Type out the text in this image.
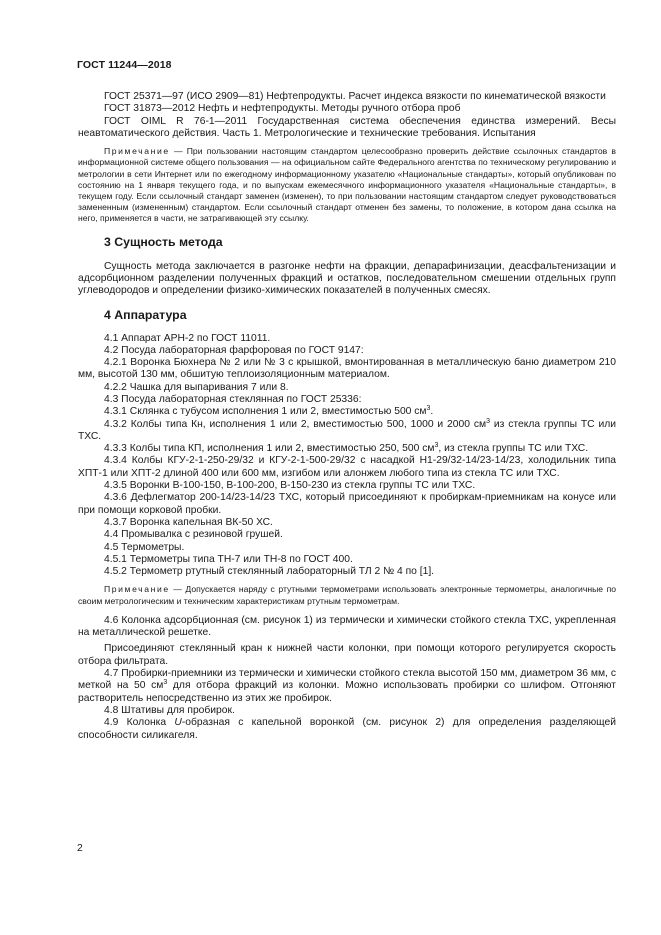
ГОСТ 11244—2018

ГОСТ 25371—97 (ИСО 2909—81) Нефтепродукты. Расчет индекса вязкости по кинематической вязкости

ГОСТ 31873—2012 Нефть и нефтепродукты. Методы ручного отбора проб

ГОСТ OIML R 76-1—2011 Государственная система обеспечения единства измерений. Весы неавтоматического действия. Часть 1. Метрологические и технические требования. Испытания

Примечание — При пользовании настоящим стандартом целесообразно проверить действие ссылочных стандартов в информационной системе общего пользования — на официальном сайте Федерального агентства по техническому регулированию и метрологии в сети Интернет или по ежегодному информационному указателю «Национальные стандарты», который опубликован по состоянию на 1 января текущего года, и по выпускам ежемесячного информационного указателя «Национальные стандарты», в текущем году. Если ссылочный стандарт заменен (изменен), то при пользовании настоящим стандартом следует руководствоваться замененным (измененным) стандартом. Если ссылочный стандарт отменен без замены, то положение, в котором дана ссылка на него, применяется в части, не затрагивающей эту ссылку.

3 Сущность метода

Сущность метода заключается в разгонке нефти на фракции, депарафинизации, деасфальтенизации и адсорбционном разделении полученных фракций и остатков, последовательном смешении отдельных групп углеводородов и определении физико-химических показателей в полученных смесях.

4 Аппаратура

4.1 Аппарат АРН-2 по ГОСТ 11011.

4.2 Посуда лабораторная фарфоровая по ГОСТ 9147:

4.2.1 Воронка Бюхнера № 2 или № 3 с крышкой, вмонтированная в металлическую баню диаметром 210 мм, высотой 130 мм, обшитую теплоизоляционным материалом.

4.2.2 Чашка для выпаривания 7 или 8.

4.3 Посуда лабораторная стеклянная по ГОСТ 25336:

4.3.1 Склянка с тубусом исполнения 1 или 2, вместимостью 500 $см^3$.

4.3.2 Колбы типа Кн, исполнения 1 или 2, вместимостью 500, 1000 и 2000 $см^3$ из стекла группы ТС или ТХС.

4.3.3 Колбы типа КП, исполнения 1 или 2, вместимостью 250, 500 $см^3$, из стекла группы ТС или ТХС.

4.3.4 Колбы КГУ-2-1-250-29/32 и КГУ-2-1-500-29/32 с насадкой Н1-29/32-14/23-14/23, холодильник типа ХПТ-1 или ХПТ-2 длиной 400 или 600 мм, изгибом или алонжем любого типа из стекла ТС или ТХС.

4.3.5 Воронки В-100-150, В-100-200, В-150-230 из стекла группы ТС или ТХС.

4.3.6 Дефлегматор 200-14/23-14/23 ТХС, который присоединяют к пробиркам-приемникам на конусе или при помощи корковой пробки.

4.3.7 Воронка капельная ВК-50 ХС.

4.4 Промывалка с резиновой грушей.

4.5 Термометры.

4.5.1 Термометры типа ТН-7 или ТН-8 по ГОСТ 400.

4.5.2 Термометр ртутный стеклянный лабораторный ТЛ 2 № 4 по [1].

Примечание — Допускается наряду с ртутными термометрами использовать электронные термометры, аналогичные по своим метрологическим и техническим характеристикам ртутным термометрам.

4.6 Колонка адсорбционная (см. рисунок 1) из термически и химически стойкого стекла ТХС, укрепленная на металлической решетке.

Присоединяют стеклянный кран к нижней части колонки, при помощи которого регулируется скорость отбора фильтрата.

4.7 Пробирки-приемники из термически и химически стойкого стекла высотой 150 мм, диаметром 36 мм, с меткой на 50 $см^3$ для отбора фракций из колонки. Можно использовать пробирки со шлифом. Отгоняют растворитель непосредственно из этих же пробирок.

4.8 Штативы для пробирок.

4.9 Колонка U-образная с капельной воронкой (см. рисунок 2) для определения разделяющей способности силикагеля.

2
